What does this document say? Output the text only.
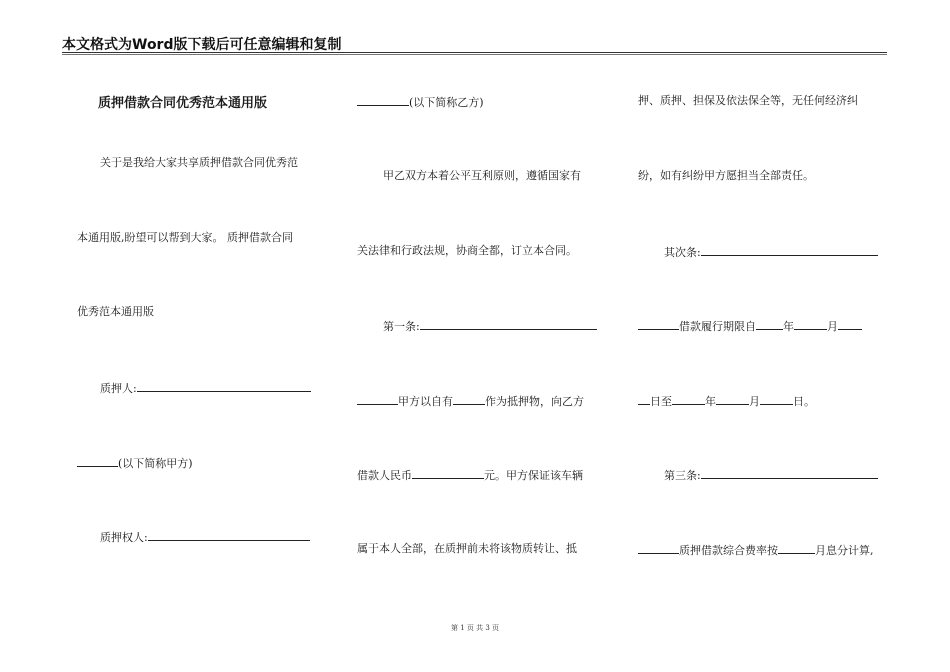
本文格式为Word版下载后可任意编辑和复制
质押借款合同优秀范本通用版
关于是我给大家共享质押借款合同优秀范
本通用版,盼望可以帮到大家。 质押借款合同
优秀范本通用版
质押人:
(以下简称甲方)
质押权人:
(以下简称乙方)
甲乙双方本着公平互利原则，遵循国家有
关法律和行政法规，协商全都，订立本合同。
第一条:
甲方以自有	作为抵押物，向乙方
借款人民币	元。甲方保证该车辆
属于本人全部，在质押前未将该物质转让、抵
押、质押、担保及依法保全等，无任何经济纠
纷，如有纠纷甲方愿担当全部责任。
其次条:
借款履行期限自 年	月
日至	年	月	日。
第三条:
质押借款综合费率按	月息分计算,
第 1 页 共 3 页
